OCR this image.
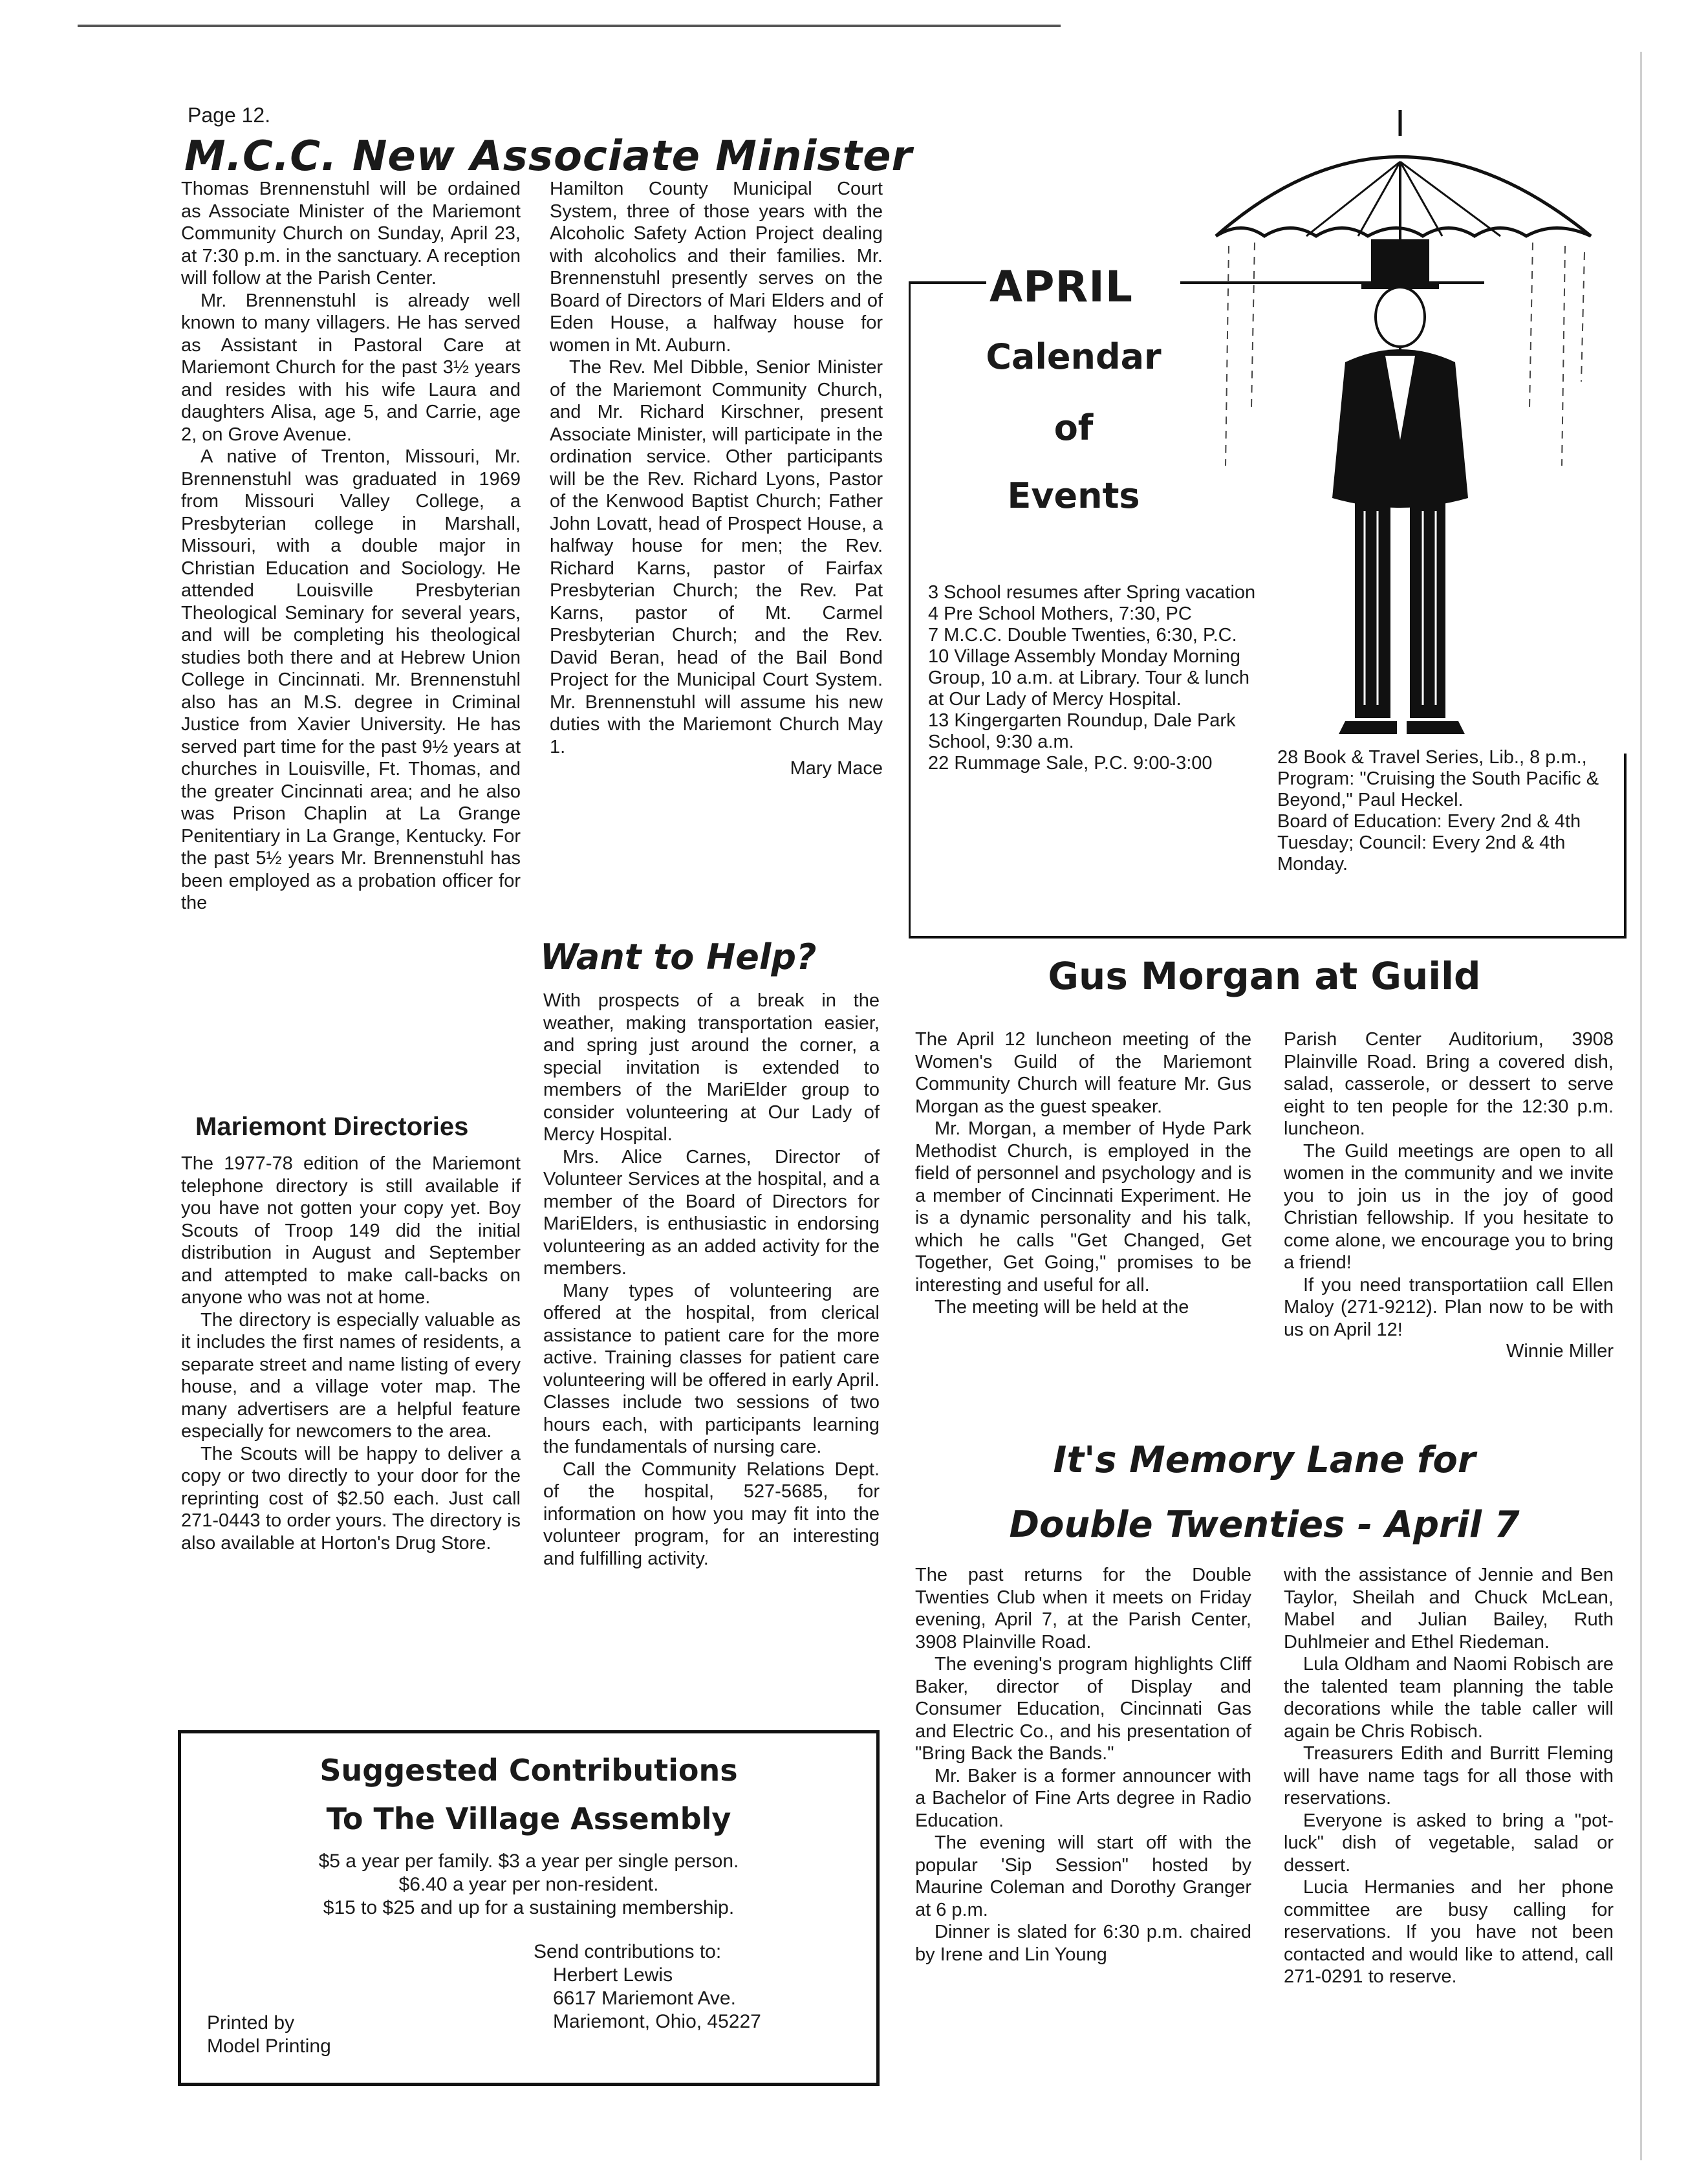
Page 12.
M.C.C. New Associate Minister

Thomas Brennenstuhl will be ordained as Associate Minister of the Mariemont Community Church on Sunday, April 23, at 7:30 p.m. in the sanctuary. A reception will follow at the Parish Center.

Mr. Brennenstuhl is already well known to many villagers. He has served as Assistant in Pastoral Care at Mariemont Church for the past 3½ years and resides with his wife Laura and daughters Alisa, age 5, and Carrie, age 2, on Grove Avenue.

A native of Trenton, Missouri, Mr. Brennenstuhl was graduated in 1969 from Missouri Valley College, a Presbyterian college in Marshall, Missouri, with a double major in Christian Education and Sociology. He attended Louisville Presbyterian Theological Seminary for several years, and will be completing his theological studies both there and at Hebrew Union College in Cincinnati. Mr. Brennenstuhl also has an M.S. degree in Criminal Justice from Xavier University. He has served part time for the past 9½ years at churches in Louisville, Ft. Thomas, and the greater Cincinnati area; and he also was Prison Chaplin at La Grange Penitentiary in La Grange, Kentucky. For the past 5½ years Mr. Brennenstuhl has been employed as a probation officer for the

Mariemont Directories

The 1977-78 edition of the Mariemont telephone directory is still available if you have not gotten your copy yet. Boy Scouts of Troop 149 did the initial distribution in August and September and attempted to make call-backs on anyone who was not at home.

The directory is especially valuable as it includes the first names of residents, a separate street and name listing of every house, and a village voter map. The many advertisers are a helpful feature especially for newcomers to the area.

The Scouts will be happy to deliver a copy or two directly to your door for the reprinting cost of $2.50 each. Just call 271-0443 to order yours. The directory is also available at Horton's Drug Store.

Hamilton County Municipal Court System, three of those years with the Alcoholic Safety Action Project dealing with alcoholics and their families. Mr. Brennenstuhl presently serves on the Board of Directors of Mari Elders and of Eden House, a halfway house for women in Mt. Auburn.

The Rev. Mel Dibble, Senior Minister of the Mariemont Community Church, and Mr. Richard Kirschner, present Associate Minister, will participate in the ordination service. Other participants will be the Rev. Richard Lyons, Pastor of the Kenwood Baptist Church; Father John Lovatt, head of Prospect House, a halfway house for men; the Rev. Richard Karns, pastor of Fairfax Presbyterian Church; the Rev. Pat Karns, pastor of Mt. Carmel Presbyterian Church; and the Rev. David Beran, head of the Bail Bond Project for the Municipal Court System. Mr. Brennenstuhl will assume his new duties with the Mariemont Church May 1.

Mary Mace

Want to Help?

With prospects of a break in the weather, making transportation easier, and spring just around the corner, a special invitation is extended to members of the MariElder group to consider volunteering at Our Lady of Mercy Hospital.

Mrs. Alice Carnes, Director of Volunteer Services at the hospital, and a member of the Board of Directors for MariElders, is enthusiastic in endorsing volunteering as an added activity for the members.

Many types of volunteering are offered at the hospital, from clerical assistance to patient care for the more active. Training classes for patient care volunteering will be offered in early April. Classes include two sessions of two hours each, with participants learning the fundamentals of nursing care.

Call the Community Relations Dept. of the hospital, 527-5685, for information on how you may fit into the volunteer program, for an interesting and fulfilling activity.

APRIL
Calendar
of
Events

3 School resumes after Spring vacation

4 Pre School Mothers, 7:30, PC

7 M.C.C. Double Twenties, 6:30, P.C.

10 Village Assembly Monday Morning Group, 10 a.m. at Library. Tour & lunch at Our Lady of Mercy Hospital.

13 Kingergarten Roundup, Dale Park School, 9:30 a.m.

22 Rummage Sale, P.C. 9:00-3:00	28 Book & Travel Series, Lib., 8 p.m., Program: "Cruising the South Pacific & Beyond," Paul Heckel.

Board of Education: Every 2nd & 4th Tuesday; Council: Every 2nd & 4th Monday.

Gus Morgan at Guild

The April 12 luncheon meeting of the Women's Guild of the Mariemont Community Church will feature Mr. Gus Morgan as the guest speaker.

Mr. Morgan, a member of Hyde Park Methodist Church, is employed in the field of personnel and psychology and is a member of Cincinnati Experiment. He is a dynamic personality and his talk, which he calls "Get Changed, Get Together, Get Going," promises to be interesting and useful for all.

The meeting will be held at the

Parish Center Auditorium, 3908 Plainville Road. Bring a covered dish, salad, casserole, or dessert to serve eight to ten people for the 12:30 p.m. luncheon.

The Guild meetings are open to all women in the community and we invite you to join us in the joy of good Christian fellowship. If you hesitate to come alone, we encourage you to bring a friend!

If you need transportatiion call Ellen Maloy (271-9212). Plan now to be with us on April 12!

Winnie Miller

It's Memory Lane for
Double Twenties - April 7

The past returns for the Double Twenties Club when it meets on Friday evening, April 7, at the Parish Center, 3908 Plainville Road.

The evening's program highlights Cliff Baker, director of Display and Consumer Education, Cincinnati Gas and Electric Co., and his presentation of "Bring Back the Bands."

Mr. Baker is a former announcer with a Bachelor of Fine Arts degree in Radio Education.

The evening will start off with the popular 'Sip Session" hosted by Maurine Coleman and Dorothy Granger at 6 p.m.

Dinner is slated for 6:30 p.m. chaired by Irene and Lin Young

with the assistance of Jennie and Ben Taylor, Sheilah and Chuck McLean, Mabel and Julian Bailey, Ruth Duhlmeier and Ethel Riedeman.

Lula Oldham and Naomi Robisch are the talented team planning the table decorations while the table caller will again be Chris Robisch.

Treasurers Edith and Burritt Fleming will have name tags for all those with reservations.

Everyone is asked to bring a "pot-luck" dish of vegetable, salad or dessert.

Lucia Hermanies and her phone committee are busy calling for reservations. If you have not been contacted and would like to attend, call 271-0291 to reserve.

Suggested Contributions
To The Village Assembly
$5 a year per family. $3 a year per single person.
$6.40 a year per non-resident.
$15 to $25 and up for a sustaining membership.
Send contributions to:
Herbert Lewis
6617 Mariemont Ave.
Mariemont, Ohio, 45227
Printed by
Model Printing
